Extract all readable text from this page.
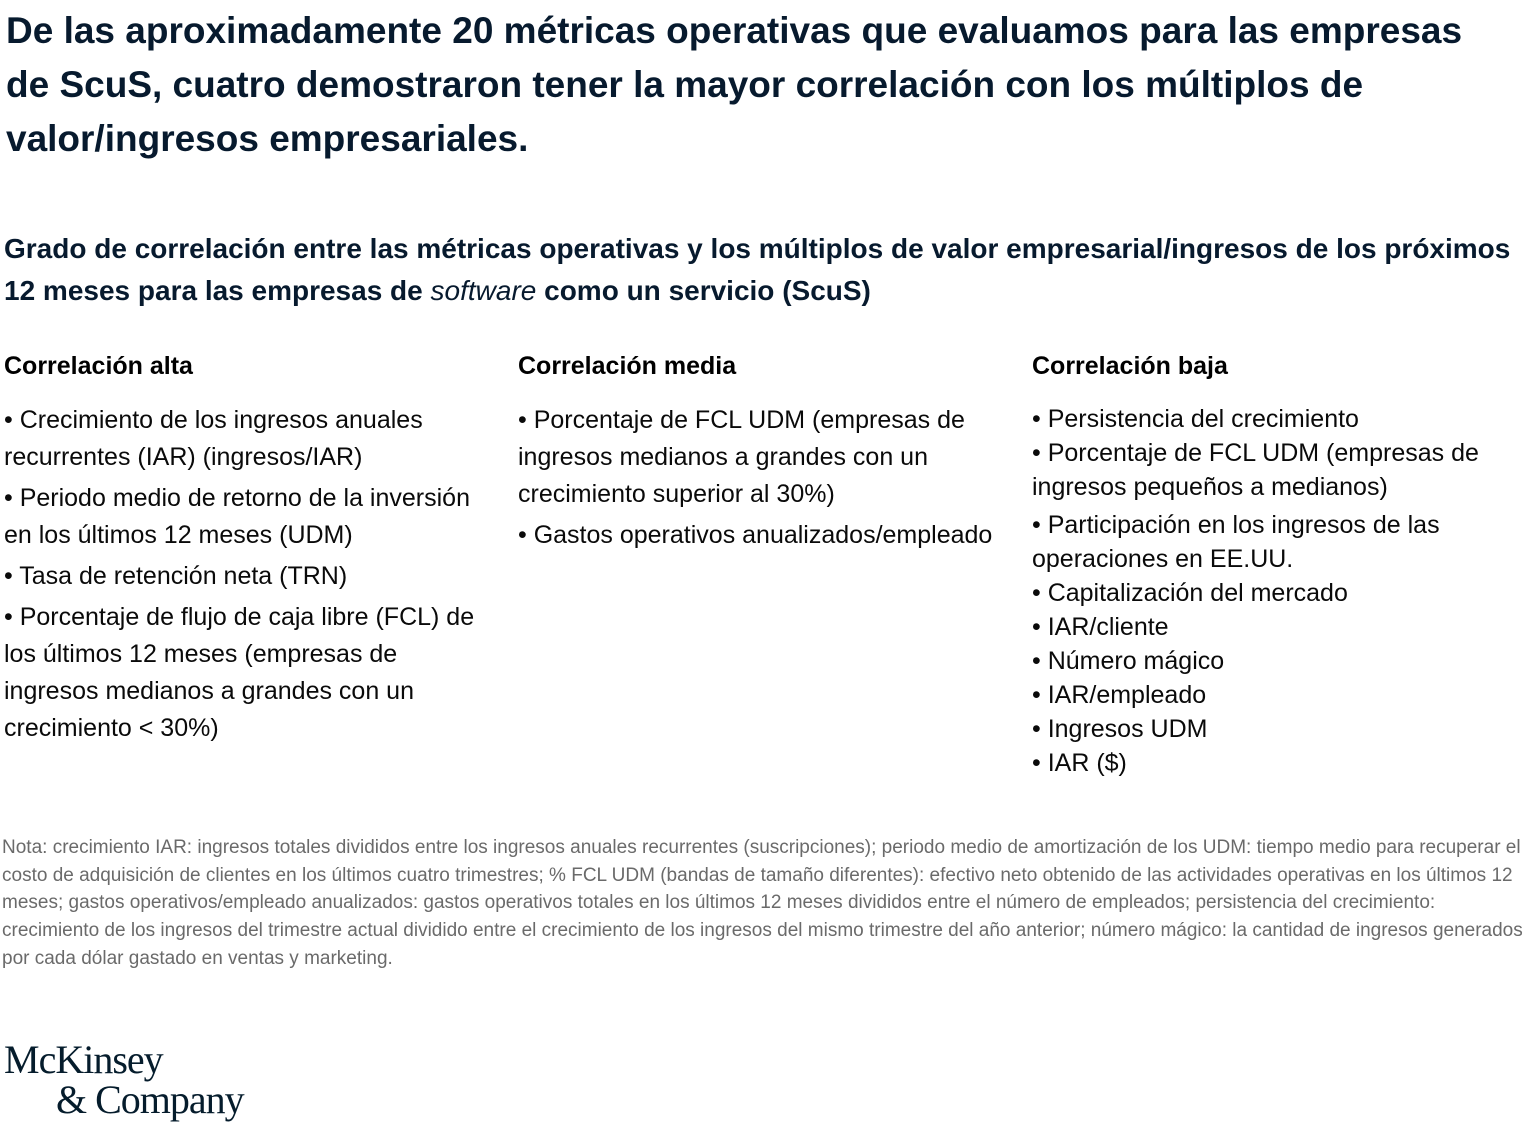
De las aproximadamente 20 métricas operativas que evaluamos para las empresas de ScuS, cuatro demostraron tener la mayor correlación con los múltiplos de valor/ingresos empresariales.
Grado de correlación entre las métricas operativas y los múltiplos de valor empresarial/ingresos de los próximos 12 meses para las empresas de software como un servicio (ScuS)
Correlación alta
• Crecimiento de los ingresos anuales recurrentes (IAR) (ingresos/IAR)
• Periodo medio de retorno de la inversión en los últimos 12 meses (UDM)
• Tasa de retención neta (TRN)
• Porcentaje de flujo de caja libre (FCL) de los últimos 12 meses (empresas de ingresos medianos a grandes con un crecimiento < 30%)
Correlación media
• Porcentaje de FCL UDM (empresas de ingresos medianos a grandes con un crecimiento superior al 30%)
• Gastos operativos anualizados/empleado
Correlación baja
• Persistencia del crecimiento
• Porcentaje de FCL UDM (empresas de ingresos pequeños a medianos)
• Participación en los ingresos de las operaciones en EE.UU.
• Capitalización del mercado
• IAR/cliente
• Número mágico
• IAR/empleado
• Ingresos UDM
• IAR ($)

Nota: crecimiento IAR: ingresos totales divididos entre los ingresos anuales recurrentes (suscripciones); periodo medio de amortización de los UDM: tiempo medio para recuperar el costo de adquisición de clientes en los últimos cuatro trimestres; % FCL UDM (bandas de tamaño diferentes): efectivo neto obtenido de las actividades operativas en los últimos 12 meses; gastos operativos/empleado anualizados: gastos operativos totales en los últimos 12 meses divididos entre el número de empleados; persistencia del crecimiento: crecimiento de los ingresos del trimestre actual dividido entre el crecimiento de los ingresos del mismo trimestre del año anterior; número mágico: la cantidad de ingresos generados por cada dólar gastado en ventas y marketing.

McKinsey
& Company
